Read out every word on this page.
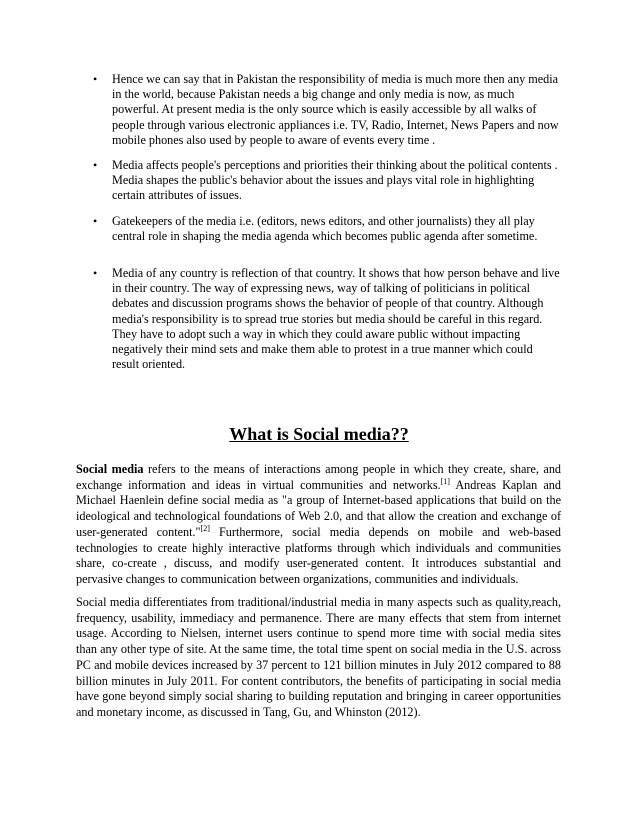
• Hence we can say that in Pakistan the responsibility of media is much more then any media in the world, because Pakistan needs a big change and only media is now, as much powerful. At present media is the only source which is easily accessible by all walks of people through various electronic appliances i.e. TV, Radio, Internet, News Papers and now mobile phones also used by people to aware of events every time .
• Media affects people's perceptions and priorities their thinking about the political contents . Media shapes the public's behavior about the issues and plays vital role in highlighting certain attributes of issues.
• Gatekeepers of the media i.e. (editors, news editors, and other journalists) they all play central role in shaping the media agenda which becomes public agenda after sometime.
• Media of any country is reflection of that country. It shows that how person behave and live in their country. The way of expressing news, way of talking of politicians in political debates and discussion programs shows the behavior of people of that country. Although media's responsibility is to spread true stories but media should be careful in this regard. They have to adopt such a way in which they could aware public without impacting negatively their mind sets and make them able to protest in a true manner which could result oriented.
What is Social media??

Social media refers to the means of interactions among people in which they create, share, and exchange information and ideas in virtual communities and networks.[1] Andreas Kaplan and Michael Haenlein define social media as "a group of Internet-based applications that build on the ideological and technological foundations of Web 2.0, and that allow the creation and exchange of user-generated content."[2] Furthermore, social media depends on mobile and web-based technologies to create highly interactive platforms through which individuals and communities share, co-create , discuss, and modify user-generated content. It introduces substantial and pervasive changes to communication between organizations, communities and individuals.

Social media differentiates from traditional/industrial media in many aspects such as quality,reach, frequency, usability, immediacy and permanence. There are many effects that stem from internet usage. According to Nielsen, internet users continue to spend more time with social media sites than any other type of site. At the same time, the total time spent on social media in the U.S. across PC and mobile devices increased by 37 percent to 121 billion minutes in July 2012 compared to 88 billion minutes in July 2011. For content contributors, the benefits of participating in social media have gone beyond simply social sharing to building reputation and bringing in career opportunities and monetary income, as discussed in Tang, Gu, and Whinston (2012).
